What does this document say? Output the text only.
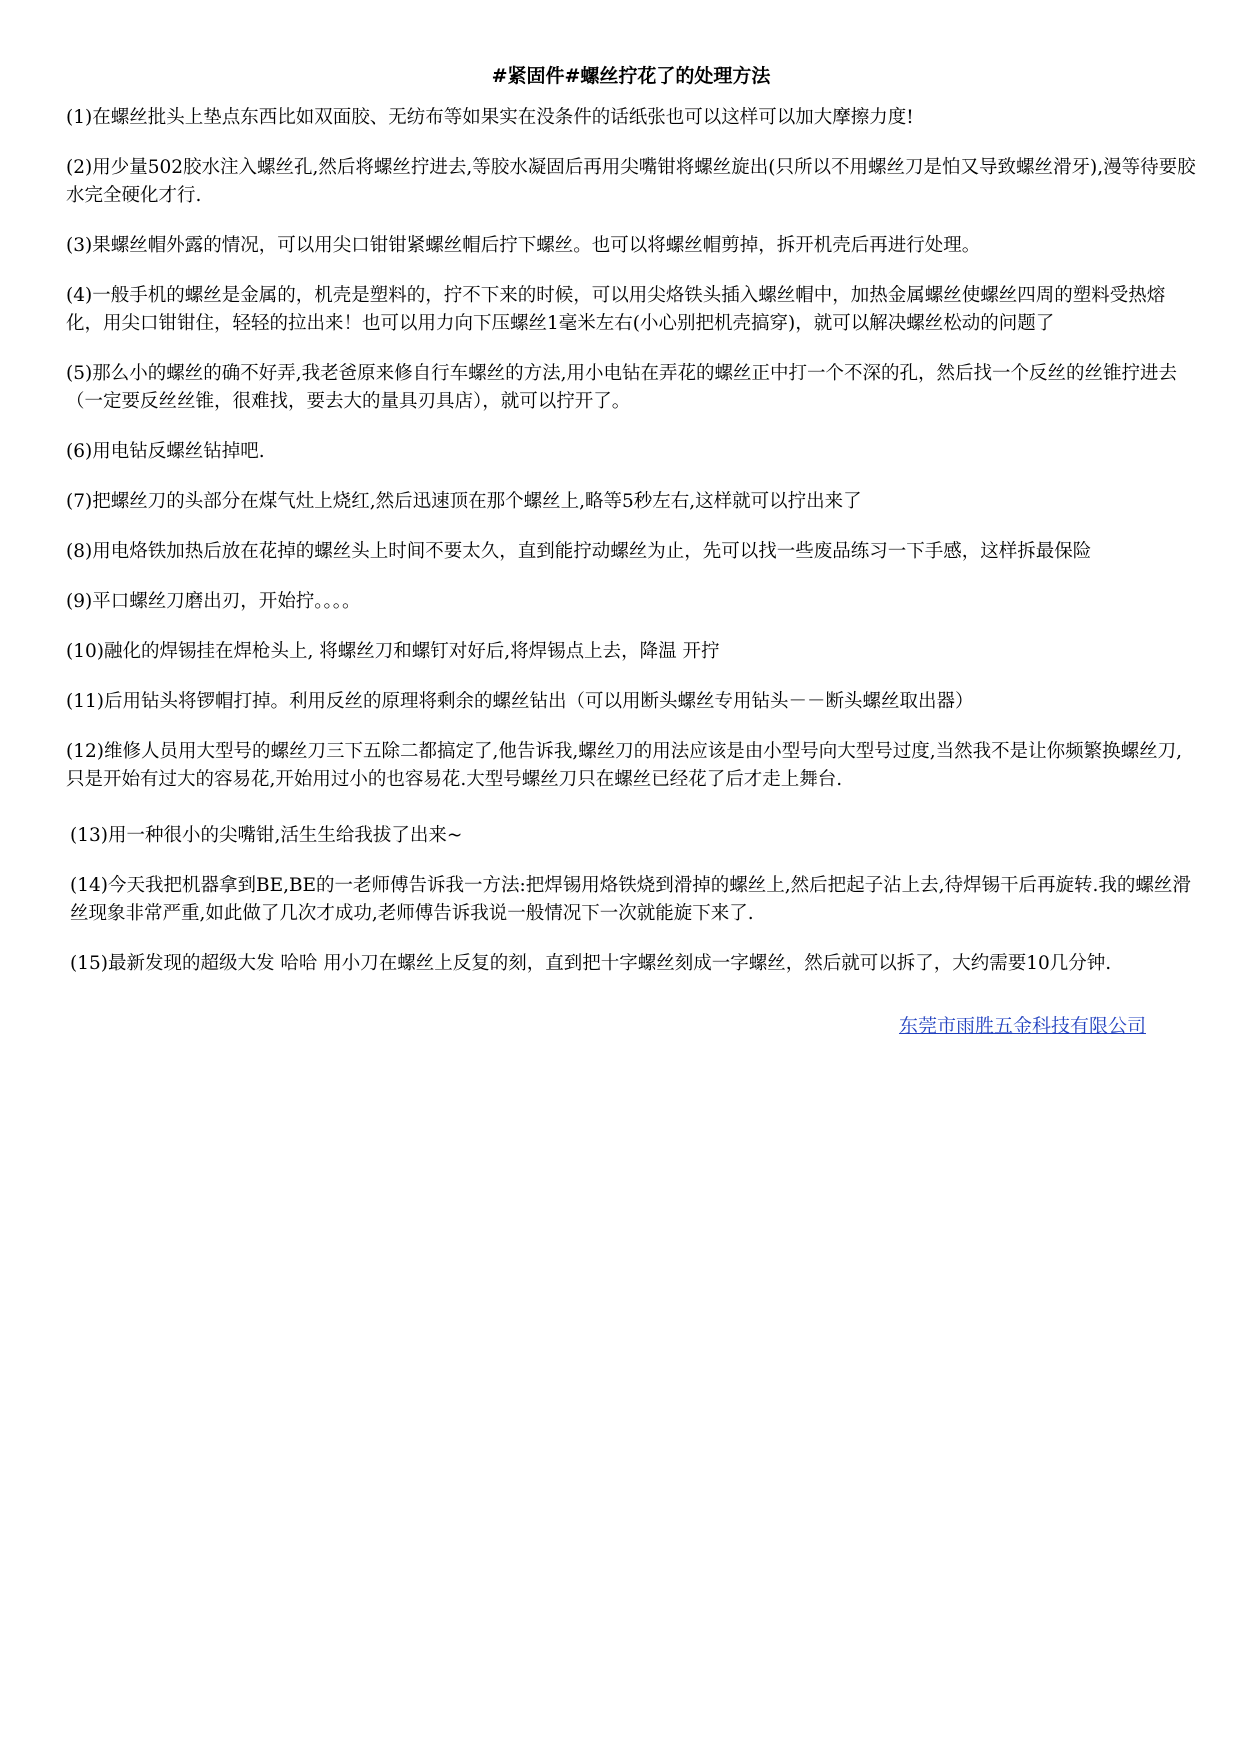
#紧固件#螺丝拧花了的处理方法
(1)在螺丝批头上垫点东西比如双面胶、无纺布等如果实在没条件的话纸张也可以这样可以加大摩擦力度!
(2)用少量502胶水注入螺丝孔,然后将螺丝拧进去,等胶水凝固后再用尖嘴钳将螺丝旋出(只所以不用螺丝刀是怕又导致螺丝滑牙),漫等待要胶水完全硬化才行.
(3)果螺丝帽外露的情况，可以用尖口钳钳紧螺丝帽后拧下螺丝。也可以将螺丝帽剪掉，拆开机壳后再进行处理。
(4)一般手机的螺丝是金属的，机壳是塑料的，拧不下来的时候，可以用尖烙铁头插入螺丝帽中，加热金属螺丝使螺丝四周的塑料受热熔化，用尖口钳钳住，轻轻的拉出来！也可以用力向下压螺丝1毫米左右(小心别把机壳搞穿)，就可以解决螺丝松动的问题了
(5)那么小的螺丝的确不好弄,我老爸原来修自行车螺丝的方法,用小电钻在弄花的螺丝正中打一个不深的孔，然后找一个反丝的丝锥拧进去（一定要反丝丝锥，很难找，要去大的量具刃具店），就可以拧开了。
(6)用电钻反螺丝钻掉吧.
(7)把螺丝刀的头部分在煤气灶上烧红,然后迅速顶在那个螺丝上,略等5秒左右,这样就可以拧出来了
(8)用电烙铁加热后放在花掉的螺丝头上时间不要太久，直到能拧动螺丝为止，先可以找一些废品练习一下手感，这样拆最保险
(9)平口螺丝刀磨出刃，开始拧。。。。
(10)融化的焊锡挂在焊枪头上, 将螺丝刀和螺钉对好后,将焊锡点上去，降温 开拧
(11)后用钻头将锣帽打掉。利用反丝的原理将剩余的螺丝钻出（可以用断头螺丝专用钻头－－断头螺丝取出器）
(12)维修人员用大型号的螺丝刀三下五除二都搞定了,他告诉我,螺丝刀的用法应该是由小型号向大型号过度,当然我不是让你频繁换螺丝刀,只是开始有过大的容易花,开始用过小的也容易花.大型号螺丝刀只在螺丝已经花了后才走上舞台.
(13)用一种很小的尖嘴钳,活生生给我拔了出来~
(14)今天我把机器拿到BE,BE的一老师傅告诉我一方法:把焊锡用烙铁烧到滑掉的螺丝上,然后把起子沾上去,待焊锡干后再旋转.我的螺丝滑丝现象非常严重,如此做了几次才成功,老师傅告诉我说一般情况下一次就能旋下来了.
(15)最新发现的超级大发 哈哈 用小刀在螺丝上反复的刻，直到把十字螺丝刻成一字螺丝，然后就可以拆了，大约需要10几分钟.
东莞市雨胜五金科技有限公司
